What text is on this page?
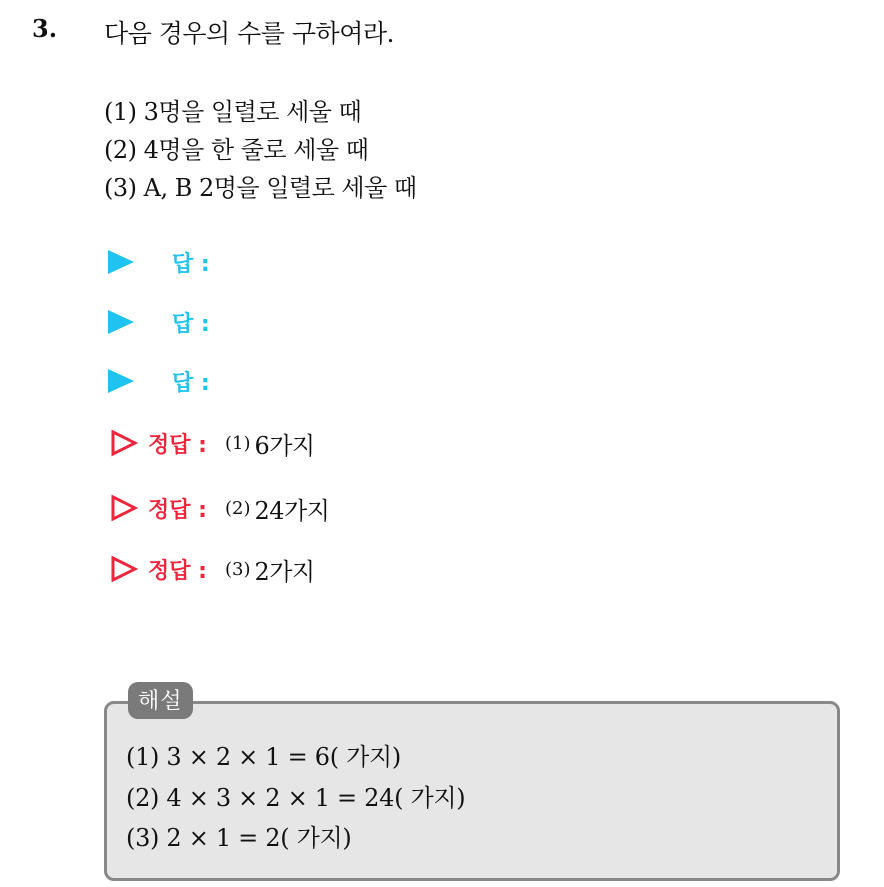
3. 다음 경우의 수를 구하여라.
(1) 3명을 일렬로 세울 때
(2) 4명을 한 줄로 세울 때
(3) A, B 2명을 일렬로 세울 때
답 :
답 :
답 :
정답 : (1) 6가지
정답 : (2) 24가지
정답 : (3) 2가지
해설
(1) 3 × 2 × 1 = 6( 가지)
(2) 4 × 3 × 2 × 1 = 24( 가지)
(3) 2 × 1 = 2( 가지)
